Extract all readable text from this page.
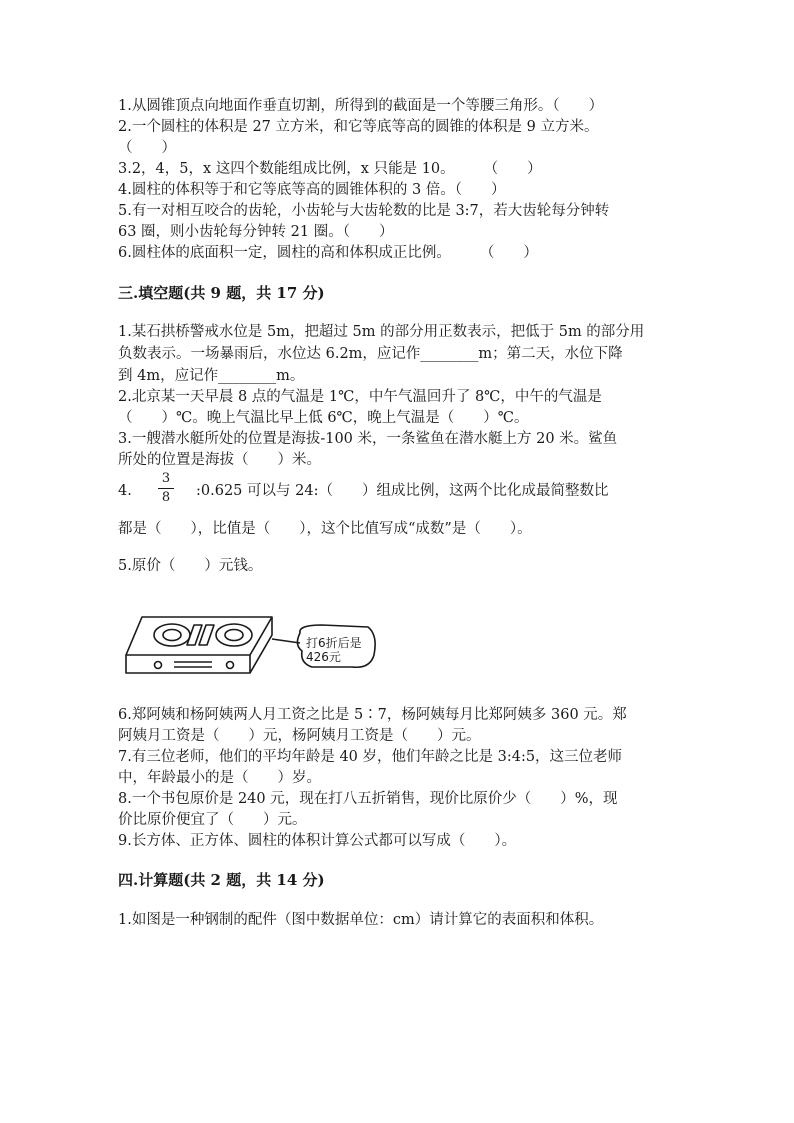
1.从圆锥顶点向地面作垂直切割，所得到的截面是一个等腰三角形。（　　）
2.一个圆柱的体积是 27 立方米，和它等底等高的圆锥的体积是 9 立方米。
（　　）
3.2，4，5，x 这四个数能组成比例，x 只能是 10。　　　（　　）
4.圆柱的体积等于和它等底等高的圆锥体积的 3 倍。（　　）
5.有一对相互咬合的齿轮，小齿轮与大齿轮数的比是 3:7，若大齿轮每分钟转
63 圈，则小齿轮每分钟转 21 圈。（　　）
6.圆柱体的底面积一定，圆柱的高和体积成正比例。　　　（　　）
三.填空题(共 9 题，共 17 分)
1.某石拱桥警戒水位是 5m，把超过 5m 的部分用正数表示，把低于 5m 的部分用
负数表示。一场暴雨后，水位达 6.2m，应记作________m；第二天，水位下降
到 4m，应记作________m。
2.北京某一天早晨 8 点的气温是 1℃，中午气温回升了 8℃，中午的气温是
（　　）℃。晚上气温比早上低 6℃，晚上气温是（　　）℃。
3.一艘潜水艇所处的位置是海拔-100 米，一条鲨鱼在潜水艇上方 20 米。鲨鱼
所处的位置是海拔（　　）米。
4.
3
8 :0.625 可以与 24:（　　）组成比例，这两个比化成最简整数比
都是（　　），比值是（　　），这个比值写成“成数”是（　　）。
5.原价（　　）元钱。
打6折后是
426元
6.郑阿姨和杨阿姨两人月工资之比是 5∶7，杨阿姨每月比郑阿姨多 360 元。郑
阿姨月工资是（　　）元，杨阿姨月工资是（　　）元。
7.有三位老师，他们的平均年龄是 40 岁，他们年龄之比是 3:4:5，这三位老师
中，年龄最小的是（　　）岁。
8.一个书包原价是 240 元，现在打八五折销售，现价比原价少（　　）%，现
价比原价便宜了（　　）元。
9.长方体、正方体、圆柱的体积计算公式都可以写成（　　）。
四.计算题(共 2 题，共 14 分)
1.如图是一种钢制的配件（图中数据单位：cm）请计算它的表面积和体积。
